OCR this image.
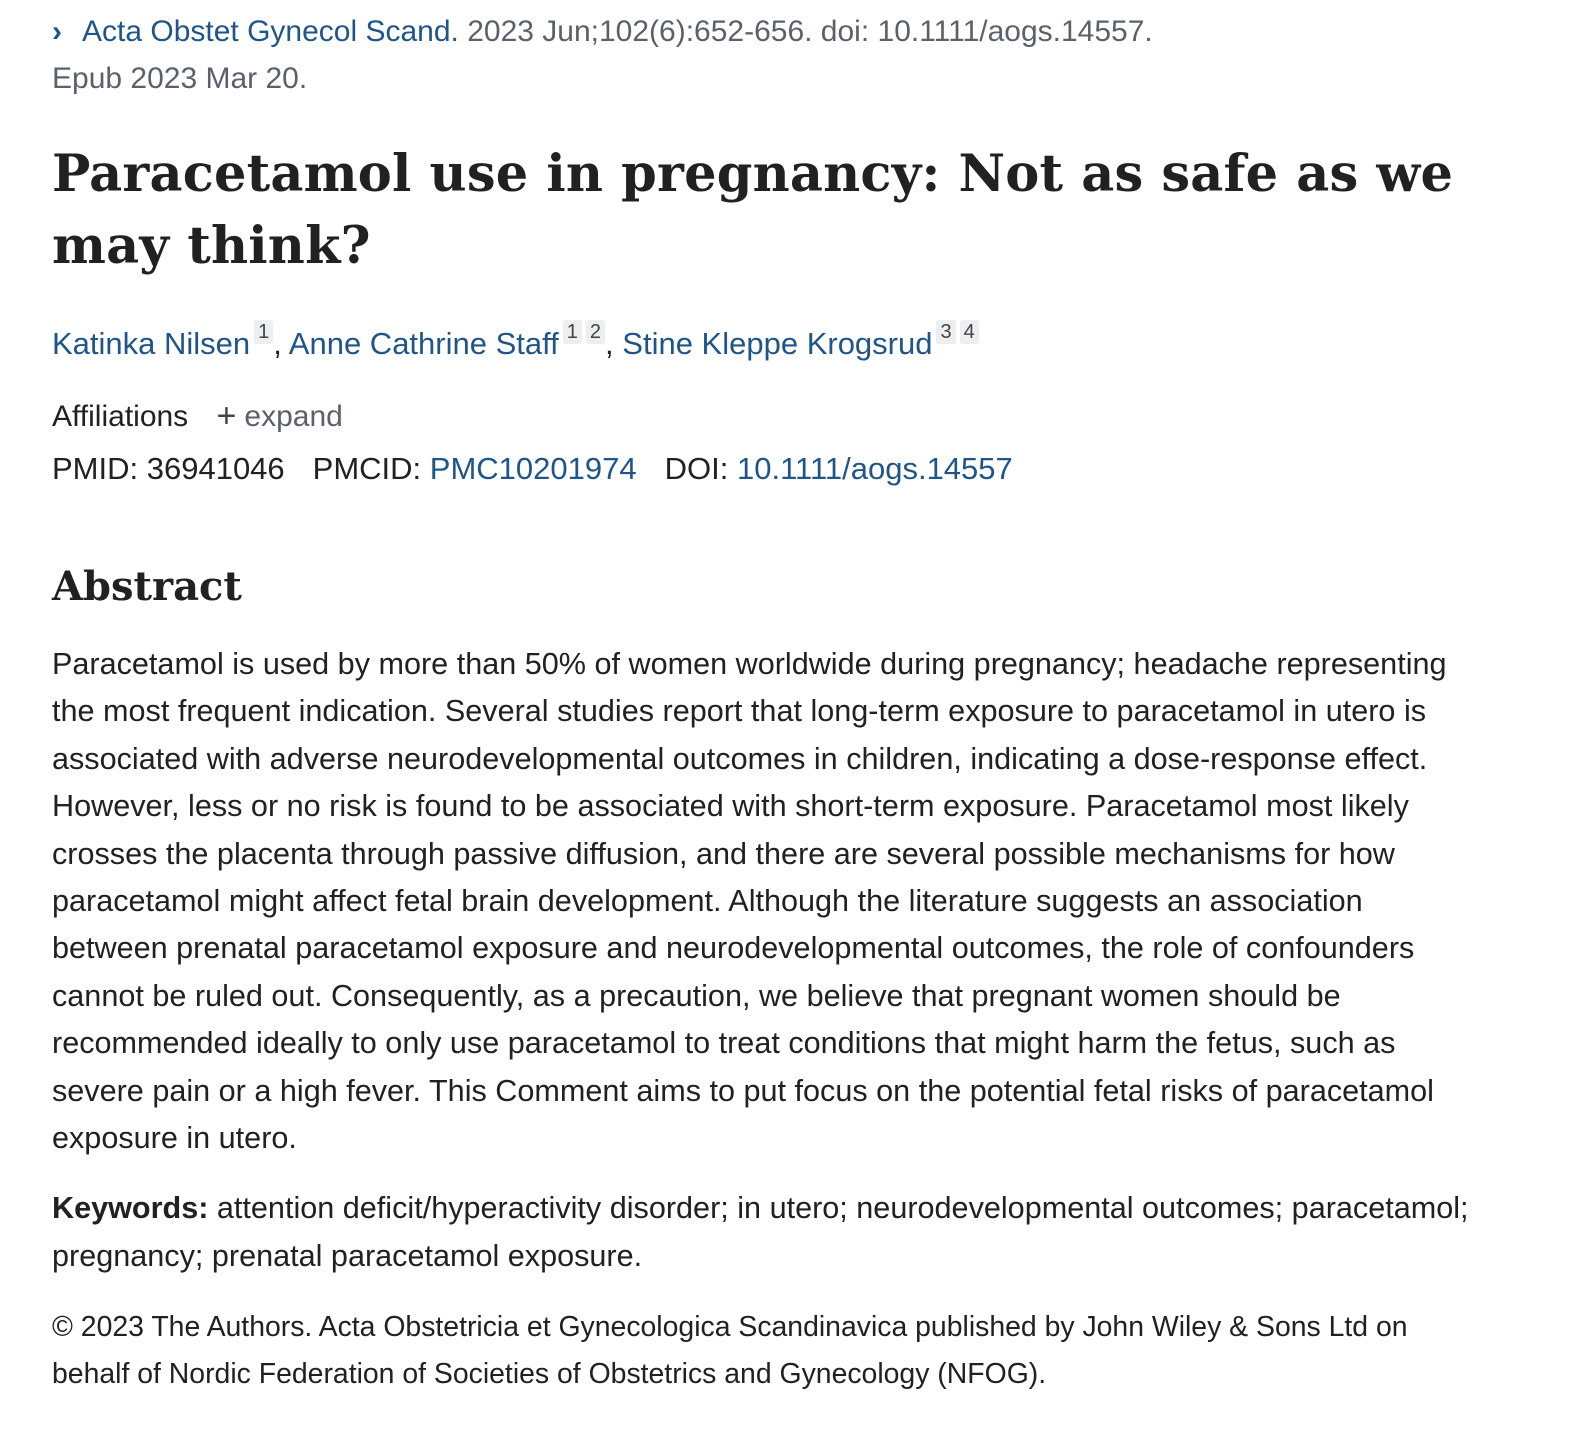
› Acta Obstet Gynecol Scand. 2023 Jun;102(6):652-656. doi: 10.1111/aogs.14557.
Epub 2023 Mar 20.

Paracetamol use in pregnancy: Not as safe as we may think?
Katinka Nilsen 1 , Anne Cathrine Staff 1 2 , Stine Kleppe Krogsrud 3 4
Affiliations + expand
PMID: 36941046 PMCID: PMC10201974 DOI: 10.1111/aogs.14557
Abstract

Paracetamol is used by more than 50% of women worldwide during pregnancy; headache representing the most frequent indication. Several studies report that long-term exposure to paracetamol in utero is associated with adverse neurodevelopmental outcomes in children, indicating a dose-response effect. However, less or no risk is found to be associated with short-term exposure. Paracetamol most likely crosses the placenta through passive diffusion, and there are several possible mechanisms for how paracetamol might affect fetal brain development. Although the literature suggests an association between prenatal paracetamol exposure and neurodevelopmental outcomes, the role of confounders cannot be ruled out. Consequently, as a precaution, we believe that pregnant women should be recommended ideally to only use paracetamol to treat conditions that might harm the fetus, such as severe pain or a high fever. This Comment aims to put focus on the potential fetal risks of paracetamol exposure in utero.

Keywords: attention deficit/hyperactivity disorder; in utero; neurodevelopmental outcomes; paracetamol; pregnancy; prenatal paracetamol exposure.

© 2023 The Authors. Acta Obstetricia et Gynecologica Scandinavica published by John Wiley & Sons Ltd on behalf of Nordic Federation of Societies of Obstetrics and Gynecology (NFOG).
